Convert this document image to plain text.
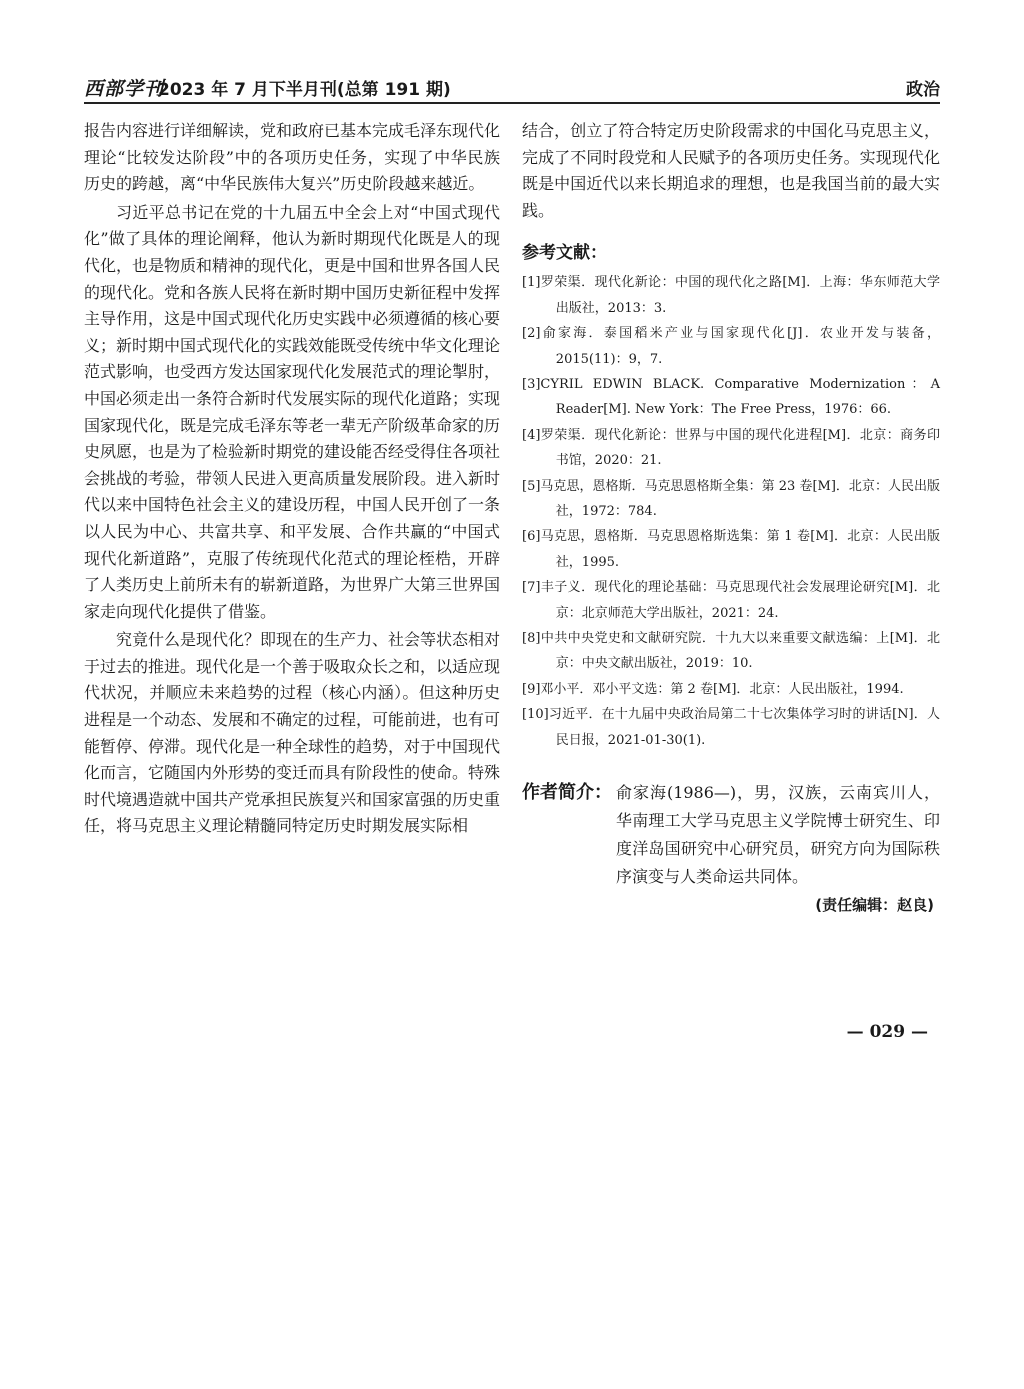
西部学刊
2023 年 7 月下半月刊(总第 191 期)	政治

报告内容进行详细解读，党和政府已基本完成毛泽东现代化理论“比较发达阶段”中的各项历史任务，实现了中华民族历史的跨越，离“中华民族伟大复兴”历史阶段越来越近。

习近平总书记在党的十九届五中全会上对“中国式现代化”做了具体的理论阐释，他认为新时期现代化既是人的现代化，也是物质和精神的现代化，更是中国和世界各国人民的现代化。党和各族人民将在新时期中国历史新征程中发挥主导作用，这是中国式现代化历史实践中必须遵循的核心要义；新时期中国式现代化的实践效能既受传统中华文化理论范式影响，也受西方发达国家现代化发展范式的理论掣肘，中国必须走出一条符合新时代发展实际的现代化道路；实现国家现代化，既是完成毛泽东等老一辈无产阶级革命家的历史夙愿，也是为了检验新时期党的建设能否经受得住各项社会挑战的考验，带领人民进入更高质量发展阶段。进入新时代以来中国特色社会主义的建设历程，中国人民开创了一条以人民为中心、共富共享、和平发展、合作共赢的“中国式现代化新道路”，克服了传统现代化范式的理论桎梏，开辟了人类历史上前所未有的崭新道路，为世界广大第三世界国家走向现代化提供了借鉴。

究竟什么是现代化？即现在的生产力、社会等状态相对于过去的推进。现代化是一个善于吸取众长之和，以适应现代状况，并顺应未来趋势的过程（核心内涵）。但这种历史进程是一个动态、发展和不确定的过程，可能前进，也有可能暂停、停滞。现代化是一种全球性的趋势，对于中国现代化而言，它随国内外形势的变迁而具有阶段性的使命。特殊时代境遇造就中国共产党承担民族复兴和国家富强的历史重任，将马克思主义理论精髓同特定历史时期发展实际相

结合，创立了符合特定历史阶段需求的中国化马克思主义，完成了不同时段党和人民赋予的各项历史任务。实现现代化既是中国近代以来长期追求的理想，也是我国当前的最大实践。

参考文献：
[1]罗荣渠．现代化新论：中国的现代化之路[M]．上海：华东师范大学出版社，2013：3.
[2]俞家海．泰国稻米产业与国家现代化[J]．农业开发与装备，2015(11)：9，7.
[3]CYRIL EDWIN BLACK. Comparative Modernization：A Reader[M]. New York：The Free Press，1976：66.
[4]罗荣渠．现代化新论：世界与中国的现代化进程[M]．北京：商务印书馆，2020：21.
[5]马克思，恩格斯．马克思恩格斯全集：第 23 卷[M]．北京：人民出版社，1972：784.
[6]马克思，恩格斯．马克思恩格斯选集：第 1 卷[M]．北京：人民出版社，1995.
[7]丰子义．现代化的理论基础：马克思现代社会发展理论研究[M]．北京：北京师范大学出版社，2021：24.
[8]中共中央党史和文献研究院．十九大以来重要文献选编：上[M]．北京：中央文献出版社，2019：10.
[9]邓小平．邓小平文选：第 2 卷[M]．北京：人民出版社，1994.
[10]习近平．在十九届中央政治局第二十七次集体学习时的讲话[N]．人民日报，2021-01-30(1).
作者简介： 俞家海(1986—)，男，汉族，云南宾川人，华南理工大学马克思主义学院博士研究生、印度洋岛国研究中心研究员，研究方向为国际秩序演变与人类命运共同体。
(责任编辑：赵良)
— 029 —
